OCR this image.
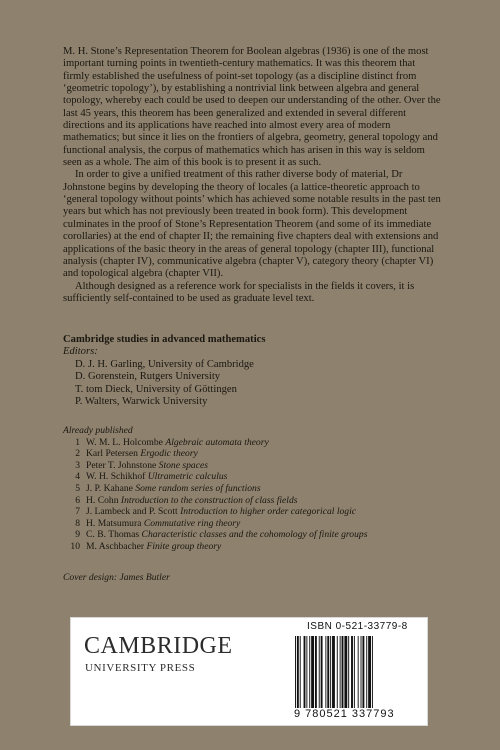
M. H. Stone’s Representation Theorem for Boolean algebras (1936) is one of the most important turning points in twentieth-century mathematics. It was this theorem that firmly established the usefulness of point-set topology (as a discipline distinct from ‘geometric topology’), by establishing a nontrivial link between algebra and general topology, whereby each could be used to deepen our understanding of the other. Over the last 45 years, this theorem has been generalized and extended in several different directions and its applications have reached into almost every area of modern mathematics; but since it lies on the frontiers of algebra, geometry, general topology and functional analysis, the corpus of mathematics which has arisen in this way is seldom seen as a whole. The aim of this book is to present it as such.

In order to give a unified treatment of this rather diverse body of material, Dr Johnstone begins by developing the theory of locales (a lattice-theoretic approach to ‘general topology without points’ which has achieved some notable results in the past ten years but which has not previously been treated in book form). This development culminates in the proof of Stone’s Representation Theorem (and some of its immediate corollaries) at the end of chapter II; the remaining five chapters deal with extensions and applications of the basic theory in the areas of general topology (chapter III), functional analysis (chapter IV), communicative algebra (chapter V), category theory (chapter VI) and topological algebra (chapter VII).

Although designed as a reference work for specialists in the fields it covers, it is sufficiently self-contained to be used as graduate level text.

Cambridge studies in advanced mathematics
Editors:
D. J. H. Garling, University of Cambridge
D. Gorenstein, Rutgers University
T. tom Dieck, University of Göttingen
P. Walters, Warwick University
Already published
1 W. M. L. Holcombe Algebraic automata theory
2 Karl Petersen Ergodic theory
3 Peter T. Johnstone Stone spaces
4 W. H. Schikhof Ultrametric calculus
5 J. P. Kahane Some random series of functions
6 H. Cohn Introduction to the construction of class fields
7 J. Lambeck and P. Scott Introduction to higher order categorical logic
8 H. Matsumura Commutative ring theory
9 C. B. Thomas Characteristic classes and the cohomology of finite groups
10 M. Aschbacher Finite group theory
Cover design: James Butler
CAMBRIDGE
UNIVERSITY PRESS
ISBN 0-521-33779-8
9 780521 337793
